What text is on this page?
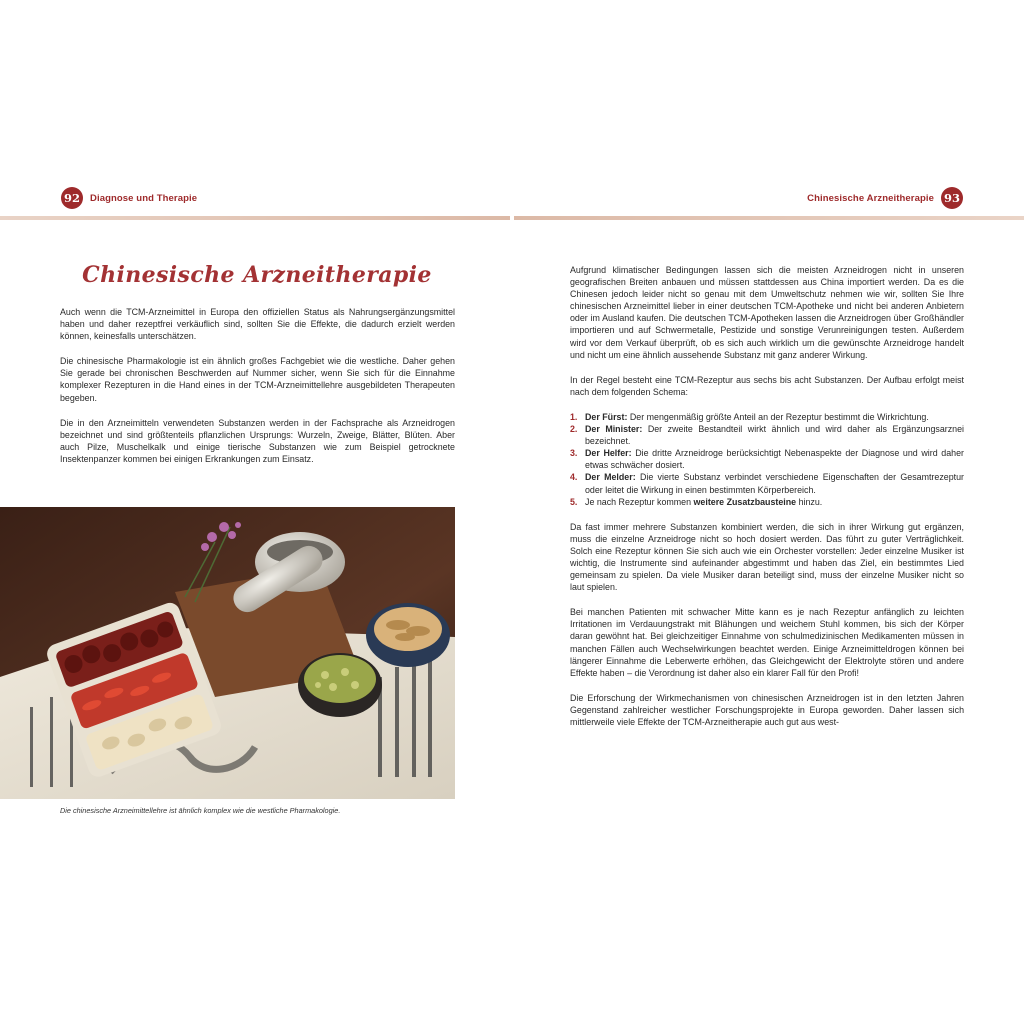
92	Diagnose und Therapie	Chinesische Arzneitherapie 93
Chinesische Arzneitherapie

Auch wenn die TCM-Arzneimittel in Europa den offiziellen Status als Nahrungsergänzungsmittel haben und daher rezeptfrei verkäuflich sind, sollten Sie die Effekte, die dadurch erzielt werden können, keinesfalls unterschätzen.

Die chinesische Pharmakologie ist ein ähnlich großes Fachgebiet wie die westliche. Daher gehen Sie gerade bei chronischen Beschwerden auf Nummer sicher, wenn Sie sich für die Einnahme komplexer Rezepturen in die Hand eines in der TCM-Arzneimittellehre ausgebildeten Therapeuten begeben.

Die in den Arzneimitteln verwendeten Substanzen werden in der Fachsprache als Arzneidrogen bezeichnet und sind größtenteils pflanzlichen Ursprungs: Wurzeln, Zweige, Blätter, Blüten. Aber auch Pilze, Muschelkalk und einige tierische Substanzen wie zum Beispiel getrocknete Insektenpanzer kommen bei einigen Erkrankungen zum Einsatz.

Die chinesische Arzneimittellehre ist ähnlich komplex wie die westliche Pharmakologie.

Aufgrund klimatischer Bedingungen lassen sich die meisten Arzneidrogen nicht in unseren geografischen Breiten anbauen und müssen stattdessen aus China importiert werden. Da es die Chinesen jedoch leider nicht so genau mit dem Umweltschutz nehmen wie wir, sollten Sie Ihre chinesischen Arzneimittel lieber in einer deutschen TCM-Apotheke und nicht bei anderen Anbietern oder im Ausland kaufen. Die deutschen TCM-Apotheken lassen die Arzneidrogen über Großhändler importieren und auf Schwermetalle, Pestizide und sonstige Verunreinigungen testen. Außerdem wird vor dem Verkauf überprüft, ob es sich auch wirklich um die gewünschte Arzneidroge handelt und nicht um eine ähnlich aussehende Substanz mit ganz anderer Wirkung.

In der Regel besteht eine TCM-Rezeptur aus sechs bis acht Substanzen. Der Aufbau erfolgt meist nach dem folgenden Schema:

1. Der Fürst: Der mengenmäßig größte Anteil an der Rezeptur bestimmt die Wirkrichtung.
2. Der Minister: Der zweite Bestandteil wirkt ähnlich und wird daher als Ergänzungsarznei bezeichnet.
3. Der Helfer: Die dritte Arzneidroge berücksichtigt Nebenaspekte der Diagnose und wird daher etwas schwächer dosiert.
4. Der Melder: Die vierte Substanz verbindet verschiedene Eigenschaften der Gesamtrezeptur oder leitet die Wirkung in einen bestimmten Körperbereich.
5. Je nach Rezeptur kommen weitere Zusatzbausteine hinzu.

Da fast immer mehrere Substanzen kombiniert werden, die sich in ihrer Wirkung gut ergänzen, muss die einzelne Arzneidroge nicht so hoch dosiert werden. Das führt zu guter Verträglichkeit. Solch eine Rezeptur können Sie sich auch wie ein Orchester vorstellen: Jeder einzelne Musiker ist wichtig, die Instrumente sind aufeinander abgestimmt und haben das Ziel, ein bestimmtes Lied gemeinsam zu spielen. Da viele Musiker daran beteiligt sind, muss der einzelne Musiker nicht so laut spielen.

Bei manchen Patienten mit schwacher Mitte kann es je nach Rezeptur anfänglich zu leichten Irritationen im Verdauungstrakt mit Blähungen und weichem Stuhl kommen, bis sich der Körper daran gewöhnt hat. Bei gleichzeitiger Einnahme von schulmedizinischen Medikamenten müssen in manchen Fällen auch Wechselwirkungen beachtet werden. Einige Arzneimitteldrogen können bei längerer Einnahme die Leberwerte erhöhen, das Gleichgewicht der Elektrolyte stören und andere Effekte haben – die Verordnung ist daher also ein klarer Fall für den Profi!

Die Erforschung der Wirkmechanismen von chinesischen Arzneidrogen ist in den letzten Jahren Gegenstand zahlreicher westlicher Forschungsprojekte in Europa geworden. Daher lassen sich mittlerweile viele Effekte der TCM-Arzneitherapie auch gut aus west-
